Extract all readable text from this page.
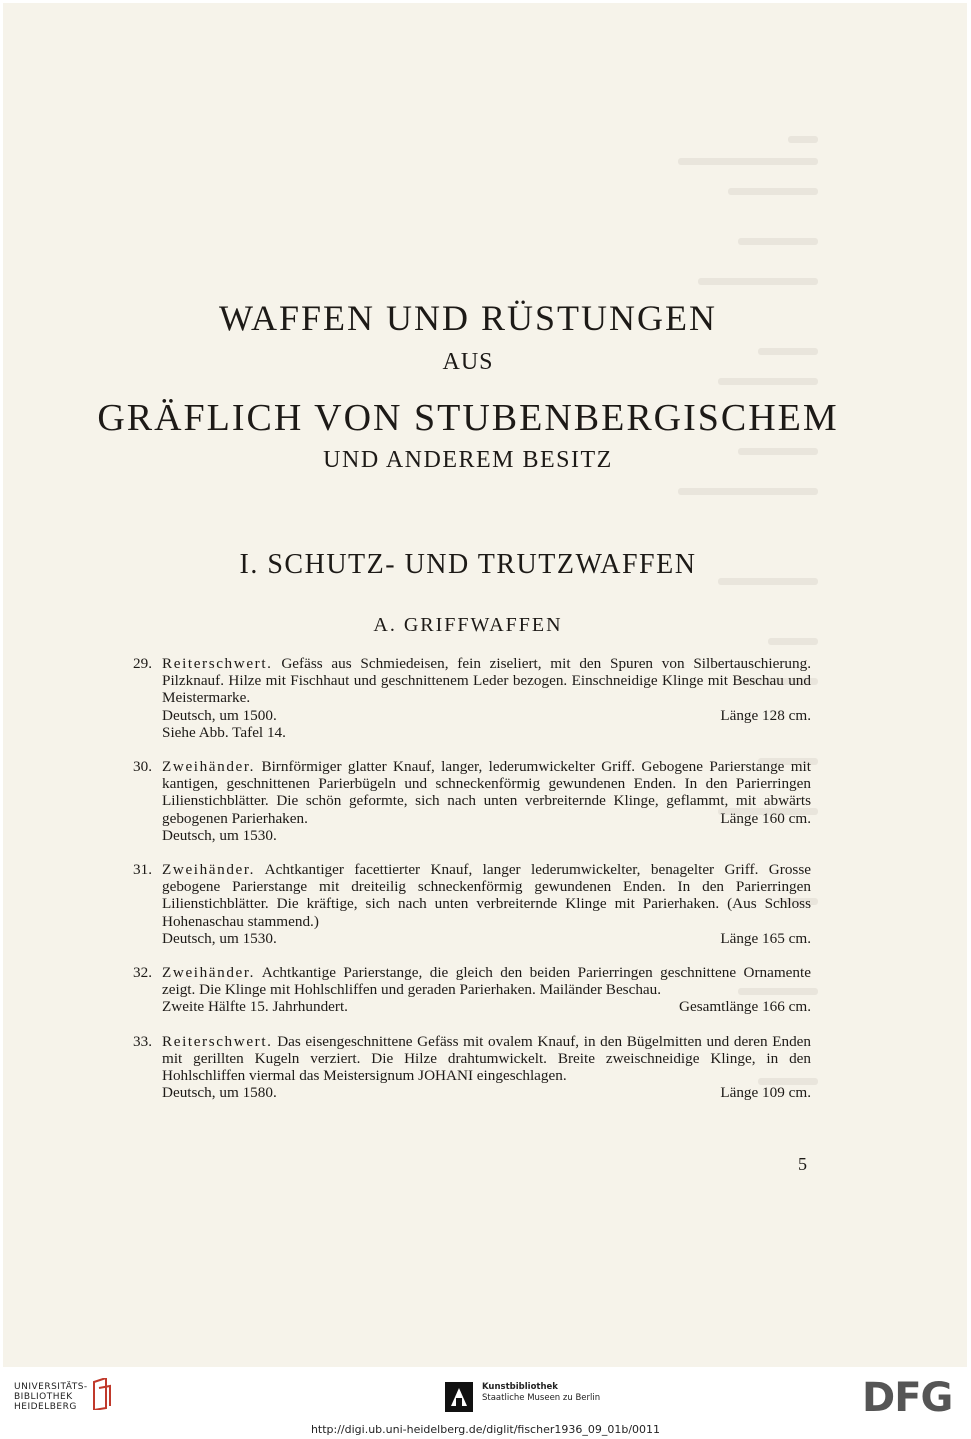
WAFFEN UND RÜSTUNGEN
AUS
GRÄFLICH VON STUBENBERGISCHEM
UND ANDEREM BESITZ
I. SCHUTZ- UND TRUTZWAFFEN
A. GRIFFWAFFEN
29. Reiterschwert. Gefäss aus Schmiedeisen, fein ziseliert, mit den Spuren von Silbertauschierung. Pilzknauf. Hilze mit Fischhaut und geschnittenem Leder bezogen. Einschneidige Klinge mit Beschau und Meistermarke.
Deutsch, um 1500.	Länge 128 cm.
Siehe Abb. Tafel 14.
30. Zweihänder. Birnförmiger glatter Knauf, langer, lederumwickelter Griff. Gebogene Parierstange mit kantigen, geschnittenen Parierbügeln und schneckenförmig gewundenen Enden. In den Parierringen Lilienstichblätter. Die schön geformte, sich nach unten verbreiternde Klinge, geflammt, mit abwärts gebogenen Parierhaken.	Länge 160 cm.
Deutsch, um 1530.
31. Zweihänder. Achtkantiger facettierter Knauf, langer lederumwickelter, benagelter Griff. Grosse gebogene Parierstange mit dreiteilig schneckenförmig gewundenen Enden. In den Parierringen Lilienstichblätter. Die kräftige, sich nach unten verbreiternde Klinge mit Parierhaken. (Aus Schloss Hohenaschau stammend.)
Deutsch, um 1530.	Länge 165 cm.
32. Zweihänder. Achtkantige Parierstange, die gleich den beiden Parierringen geschnittene Ornamente zeigt. Die Klinge mit Hohlschliffen und geraden Parierhaken. Mailänder Beschau.
Zweite Hälfte 15. Jahrhundert.	Gesamtlänge 166 cm.
33. Reiterschwert. Das eisengeschnittene Gefäss mit ovalem Knauf, in den Bügelmitten und deren Enden mit gerillten Kugeln verziert. Die Hilze drahtumwickelt. Breite zweischneidige Klinge, in den Hohlschliffen viermal das Meistersignum JOHANI eingeschlagen.
Deutsch, um 1580.	Länge 109 cm.
5
UNIVERSITÄTS-
BIBLIOTHEK
HEIDELBERG
Kunstbibliothek
Staatliche Museen zu Berlin	DFG
http://digi.ub.uni-heidelberg.de/diglit/fischer1936_09_01b/0011
